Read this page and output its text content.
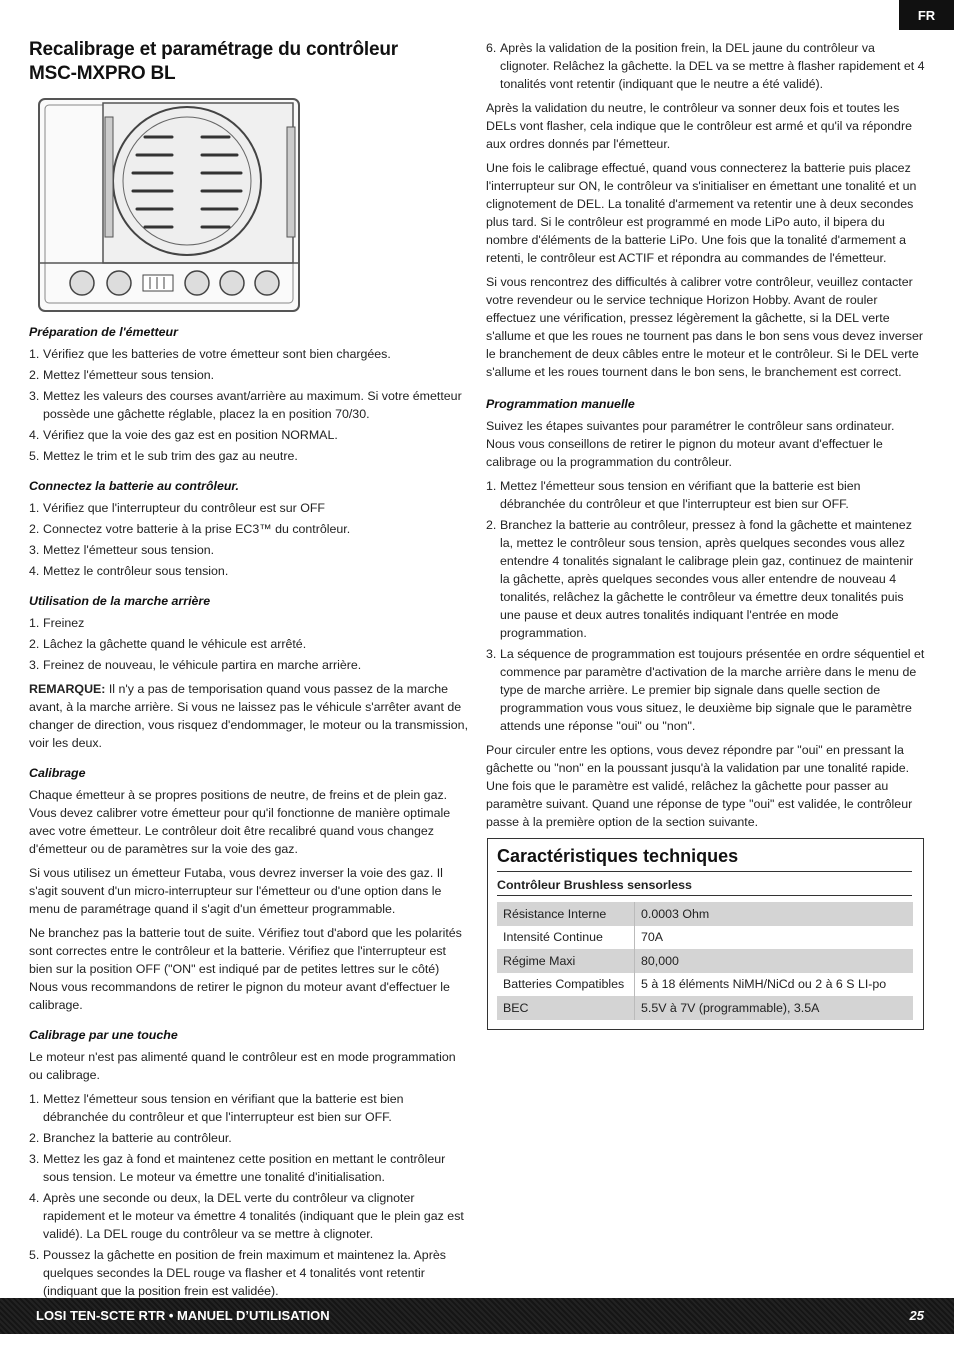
FR
Recalibrage et paramétrage du contrôleur
MSC-MXPRO BL
Préparation de l'émetteur
1. Vérifiez que les batteries de votre émetteur sont bien chargées.
2. Mettez l'émetteur sous tension.
3. Mettez les valeurs des courses avant/arrière au maximum. Si votre émetteur possède une gâchette réglable, placez la en position 70/30.
4. Vérifiez que la voie des gaz est en position NORMAL.
5. Mettez le trim et le sub trim des gaz au neutre.
Connectez la batterie au contrôleur.
1. Vérifiez que l'interrupteur du contrôleur est sur OFF
2. Connectez votre batterie à la prise EC3™ du contrôleur.
3. Mettez l'émetteur sous tension.
4. Mettez le contrôleur sous tension.
Utilisation de la marche arrière
1. Freinez
2. Lâchez la gâchette quand le véhicule est arrêté.
3. Freinez de nouveau, le véhicule partira en marche arrière.

REMARQUE: Il n'y a pas de temporisation quand vous passez de la marche avant, à la marche arrière. Si vous ne laissez pas le véhicule s'arrêter avant de changer de direction, vous risquez d'endommager, le moteur ou la transmission, voir les deux.

Calibrage

Chaque émetteur à se propres positions de neutre, de freins et de plein gaz. Vous devez calibrer votre émetteur pour qu'il fonctionne de manière optimale avec votre émetteur. Le contrôleur doit être recalibré quand vous changez d'émetteur ou de paramètres sur la voie des gaz.

Si vous utilisez un émetteur Futaba, vous devrez inverser la voie des gaz. Il s'agit souvent d'un micro-interrupteur sur l'émetteur ou d'une option dans le menu de paramétrage quand il s'agit d'un émetteur programmable.

Ne branchez pas la batterie tout de suite. Vérifiez tout d'abord que les polarités sont correctes entre le contrôleur et la batterie. Vérifiez que l'interrupteur est bien sur la position OFF ("ON" est indiqué par de petites lettres sur le côté) Nous vous recommandons de retirer le pignon du moteur avant d'effectuer le calibrage.

Calibrage par une touche

Le moteur n'est pas alimenté quand le contrôleur est en mode programmation ou calibrage.

1. Mettez l'émetteur sous tension en vérifiant que la batterie est bien débranchée du contrôleur et que l'interrupteur est bien sur OFF.
2. Branchez la batterie au contrôleur.
3. Mettez les gaz à fond et maintenez cette position en mettant le contrôleur sous tension. Le moteur va émettre une tonalité d'initialisation.
4. Après une seconde ou deux, la DEL verte du contrôleur va clignoter rapidement et le moteur va émettre 4 tonalités (indiquant que le plein gaz est validé). La DEL rouge du contrôleur va se mettre à clignoter.
5. Poussez la gâchette en position de frein maximum et maintenez la. Après quelques secondes la DEL rouge va flasher et 4 tonalités vont retentir (indiquant que la position frein est validée).
6. Après la validation de la position frein, la DEL jaune du contrôleur va clignoter. Relâchez la gâchette. la DEL va se mettre à flasher rapidement et 4 tonalités vont retentir (indiquant que le neutre a été validé).

Après la validation du neutre, le contrôleur va sonner deux fois et toutes les DELs vont flasher, cela indique que le contrôleur est armé et qu'il va répondre aux ordres donnés par l'émetteur.

Une fois le calibrage effectué, quand vous connecterez la batterie puis placez l'interrupteur sur ON, le contrôleur va s'initialiser en émettant une tonalité et un clignotement de DEL. La tonalité d'armement va retentir une à deux secondes plus tard. Si le contrôleur est programmé en mode LiPo auto, il bipera du nombre d'éléments de la batterie LiPo. Une fois que la tonalité d'armement a retenti, le contrôleur est ACTIF et répondra au commandes de l'émetteur.

Si vous rencontrez des difficultés à calibrer votre contrôleur, veuillez contacter votre revendeur ou le service technique Horizon Hobby. Avant de rouler effectuez une vérification, pressez légèrement la gâchette, si la DEL verte s'allume et que les roues ne tournent pas dans le bon sens vous devez inverser le branchement de deux câbles entre le moteur et le contrôleur. Si le DEL verte s'allume et les roues tournent dans le bon sens, le branchement est correct.

Programmation manuelle

Suivez les étapes suivantes pour paramétrer le contrôleur sans ordinateur. Nous vous conseillons de retirer le pignon du moteur avant d'effectuer le calibrage ou la programmation du contrôleur.

1. Mettez l'émetteur sous tension en vérifiant que la batterie est bien débranchée du contrôleur et que l'interrupteur est bien sur OFF.
2. Branchez la batterie au contrôleur, pressez à fond la gâchette et maintenez la, mettez le contrôleur sous tension, après quelques secondes vous allez entendre 4 tonalités signalant le calibrage plein gaz, continuez de maintenir la gâchette, après quelques secondes vous aller entendre de nouveau 4 tonalités, relâchez la gâchette le contrôleur va émettre deux tonalités puis une pause et deux autres tonalités indiquant l'entrée en mode programmation.
3. La séquence de programmation est toujours présentée en ordre séquentiel et commence par paramètre d'activation de la marche arrière dans le menu de type de marche arrière. Le premier bip signale dans quelle section de programmation vous vous situez, le deuxième bip signale que le paramètre attends une réponse "oui" ou "non".

Pour circuler entre les options, vous devez répondre par "oui" en pressant la gâchette ou "non" en la poussant jusqu'à la validation par une tonalité rapide. Une fois que le paramètre est validé, relâchez la gâchette pour passer au paramètre suivant. Quand une réponse de type "oui" est validée, le contrôleur passe à la première option de la section suivante.

Caractéristiques techniques
Contrôleur Brushless sensorless
Résistance Interne	0.0003 Ohm
Intensité Continue	70A
Régime Maxi	80,000
Batteries Compatibles	5 à 18 éléments NiMH/NiCd ou 2 à 6 S LI-po
BEC	5.5V à 7V (programmable), 3.5A
LOSI TEN-SCTE RTR • MANUEL D’UTILISATION	25
